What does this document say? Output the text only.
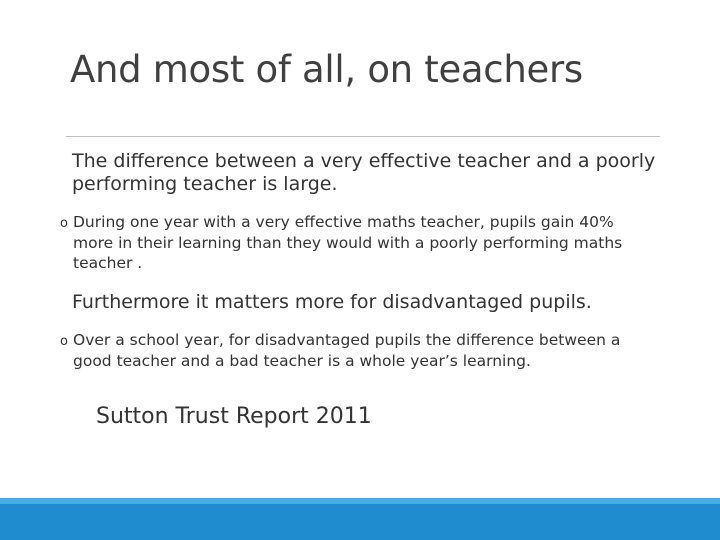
And most of all, on teachers

The difference between a very effective teacher and a poorly performing teacher is large.

o During one year with a very effective maths teacher, pupils gain 40% more in their learning than they would with a poorly performing maths teacher .

Furthermore it matters more for disadvantaged pupils.

o Over a school year, for disadvantaged pupils the difference between a good teacher and a bad teacher is a whole year’s learning.
Sutton Trust Report 2011
